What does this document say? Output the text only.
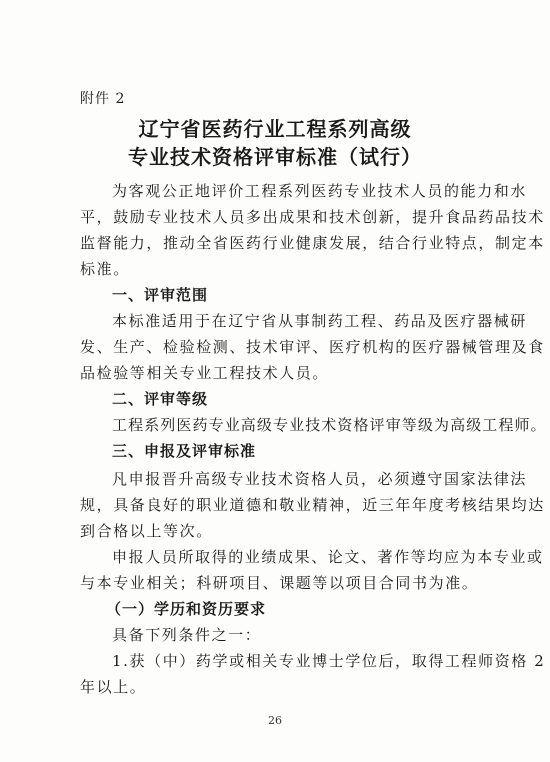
附件 2
辽宁省医药行业工程系列高级
专业技术资格评审标准（试行）
为客观公正地评价工程系列医药专业技术人员的能力和水
平，鼓励专业技术人员多出成果和技术创新，提升食品药品技术
监督能力，推动全省医药行业健康发展，结合行业特点，制定本
标准。
一、评审范围
本标准适用于在辽宁省从事制药工程、药品及医疗器械研
发、生产、检验检测、技术审评、医疗机构的医疗器械管理及食
品检验等相关专业工程技术人员。
二、评审等级
工程系列医药专业高级专业技术资格评审等级为高级工程师。
三、申报及评审标准
凡申报晋升高级专业技术资格人员，必须遵守国家法律法
规，具备良好的职业道德和敬业精神，近三年年度考核结果均达
到合格以上等次。
申报人员所取得的业绩成果、论文、著作等均应为本专业或
与本专业相关；科研项目、课题等以项目合同书为准。
（一）学历和资历要求
26
具备下列条件之一：
1.获（中）药学或相关专业博士学位后，取得工程师资格 2
年以上。
